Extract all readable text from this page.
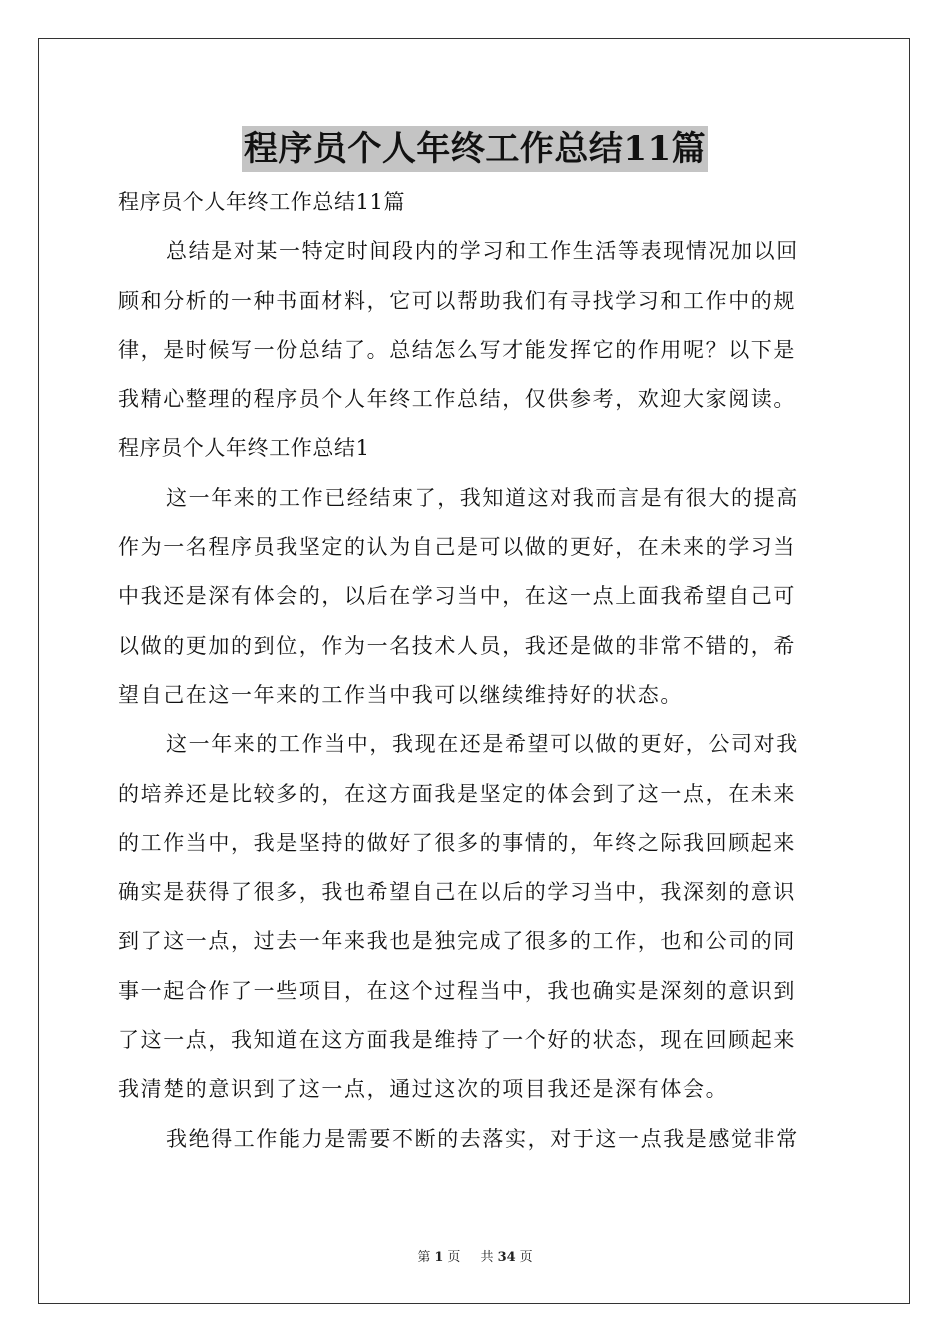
程序员个人年终工作总结11篇

程序员个人年终工作总结11篇

总结是对某一特定时间段内的学习和工作生活等表现情况加以回

顾和分析的一种书面材料，它可以帮助我们有寻找学习和工作中的规

律，是时候写一份总结了。总结怎么写才能发挥它的作用呢？以下是

我精心整理的程序员个人年终工作总结，仅供参考，欢迎大家阅读。

程序员个人年终工作总结1

这一年来的工作已经结束了，我知道这对我而言是有很大的提高

作为一名程序员我坚定的认为自己是可以做的更好，在未来的学习当

中我还是深有体会的，以后在学习当中，在这一点上面我希望自己可

以做的更加的到位，作为一名技术人员，我还是做的非常不错的，希

望自己在这一年来的工作当中我可以继续维持好的状态。

这一年来的工作当中，我现在还是希望可以做的更好，公司对我

的培养还是比较多的，在这方面我是坚定的体会到了这一点，在未来

的工作当中，我是坚持的做好了很多的事情的，年终之际我回顾起来

确实是获得了很多，我也希望自己在以后的学习当中，我深刻的意识

到了这一点，过去一年来我也是独完成了很多的工作，也和公司的同

事一起合作了一些项目，在这个过程当中，我也确实是深刻的意识到

了这一点，我知道在这方面我是维持了一个好的状态，现在回顾起来

我清楚的意识到了这一点，通过这次的项目我还是深有体会。

我绝得工作能力是需要不断的去落实，对于这一点我是感觉非常

第 1 页 共 34 页
